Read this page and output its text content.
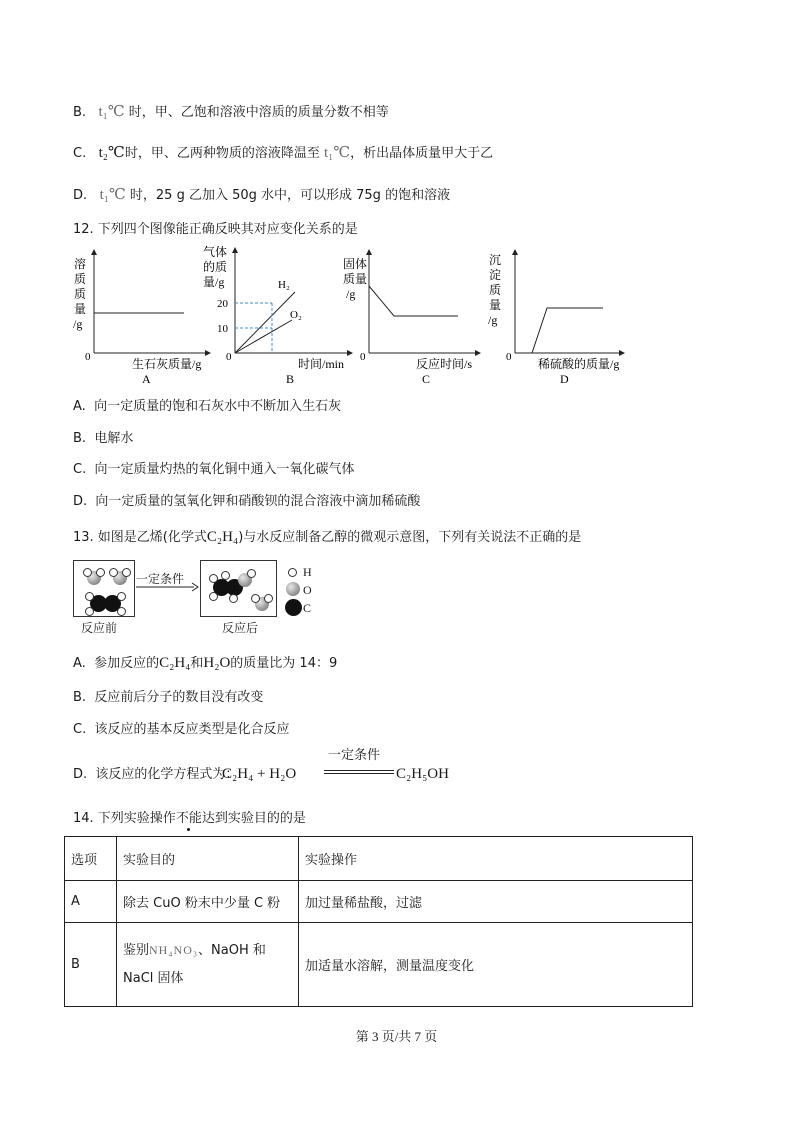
B. t₁℃ 时，甲、乙饱和溶液中溶质的质量分数不相等
C. t₂℃时，甲、乙两种物质的溶液降温至 t₁℃，析出晶体质量甲大于乙
D. t₁℃ 时，25 g 乙加入 50g 水中，可以形成 75g 的饱和溶液
12. 下列四个图像能正确反映其对应变化关系的是
溶
质
质
量
/g
0	生石灰质量/g
A
气体
的质
量/g
20
10
0
H₂
O₂
时间/min
B
固体
质量
/g
0	反应时间/s
C
沉
淀
质
量
/g
0 稀硫酸的质量/g
D
A. 向一定质量的饱和石灰水中不断加入生石灰
B. 电解水
C. 向一定质量灼热的氧化铜中通入一氧化碳气体
D. 向一定质量的氢氧化钾和硝酸钡的混合溶液中滴加稀硫酸
13. 如图是乙烯(化学式C₂H₄)与水反应制备乙醇的微观示意图，下列有关说法不正确的是
一定条件
反应前	反应后
H
O
C
A. 参加反应的C₂H₄和H₂O的质量比为 14：9
B. 反应前后分子的数目没有改变
C. 该反应的基本反应类型是化合反应
D. 该反应的化学方程式为：
C₂H₄ + H₂O
一定条件
C₂H₅OH
14. 下列实验操作不能达到实验目的的是
选项	实验目的	实验操作
A	除去 CuO 粉末中少量 C 粉	加过量稀盐酸，过滤
B	鉴别NH₄NO₃、NaOH 和
NaCl 固体	加适量水溶解，测量温度变化
第 3 页/共 7 页
